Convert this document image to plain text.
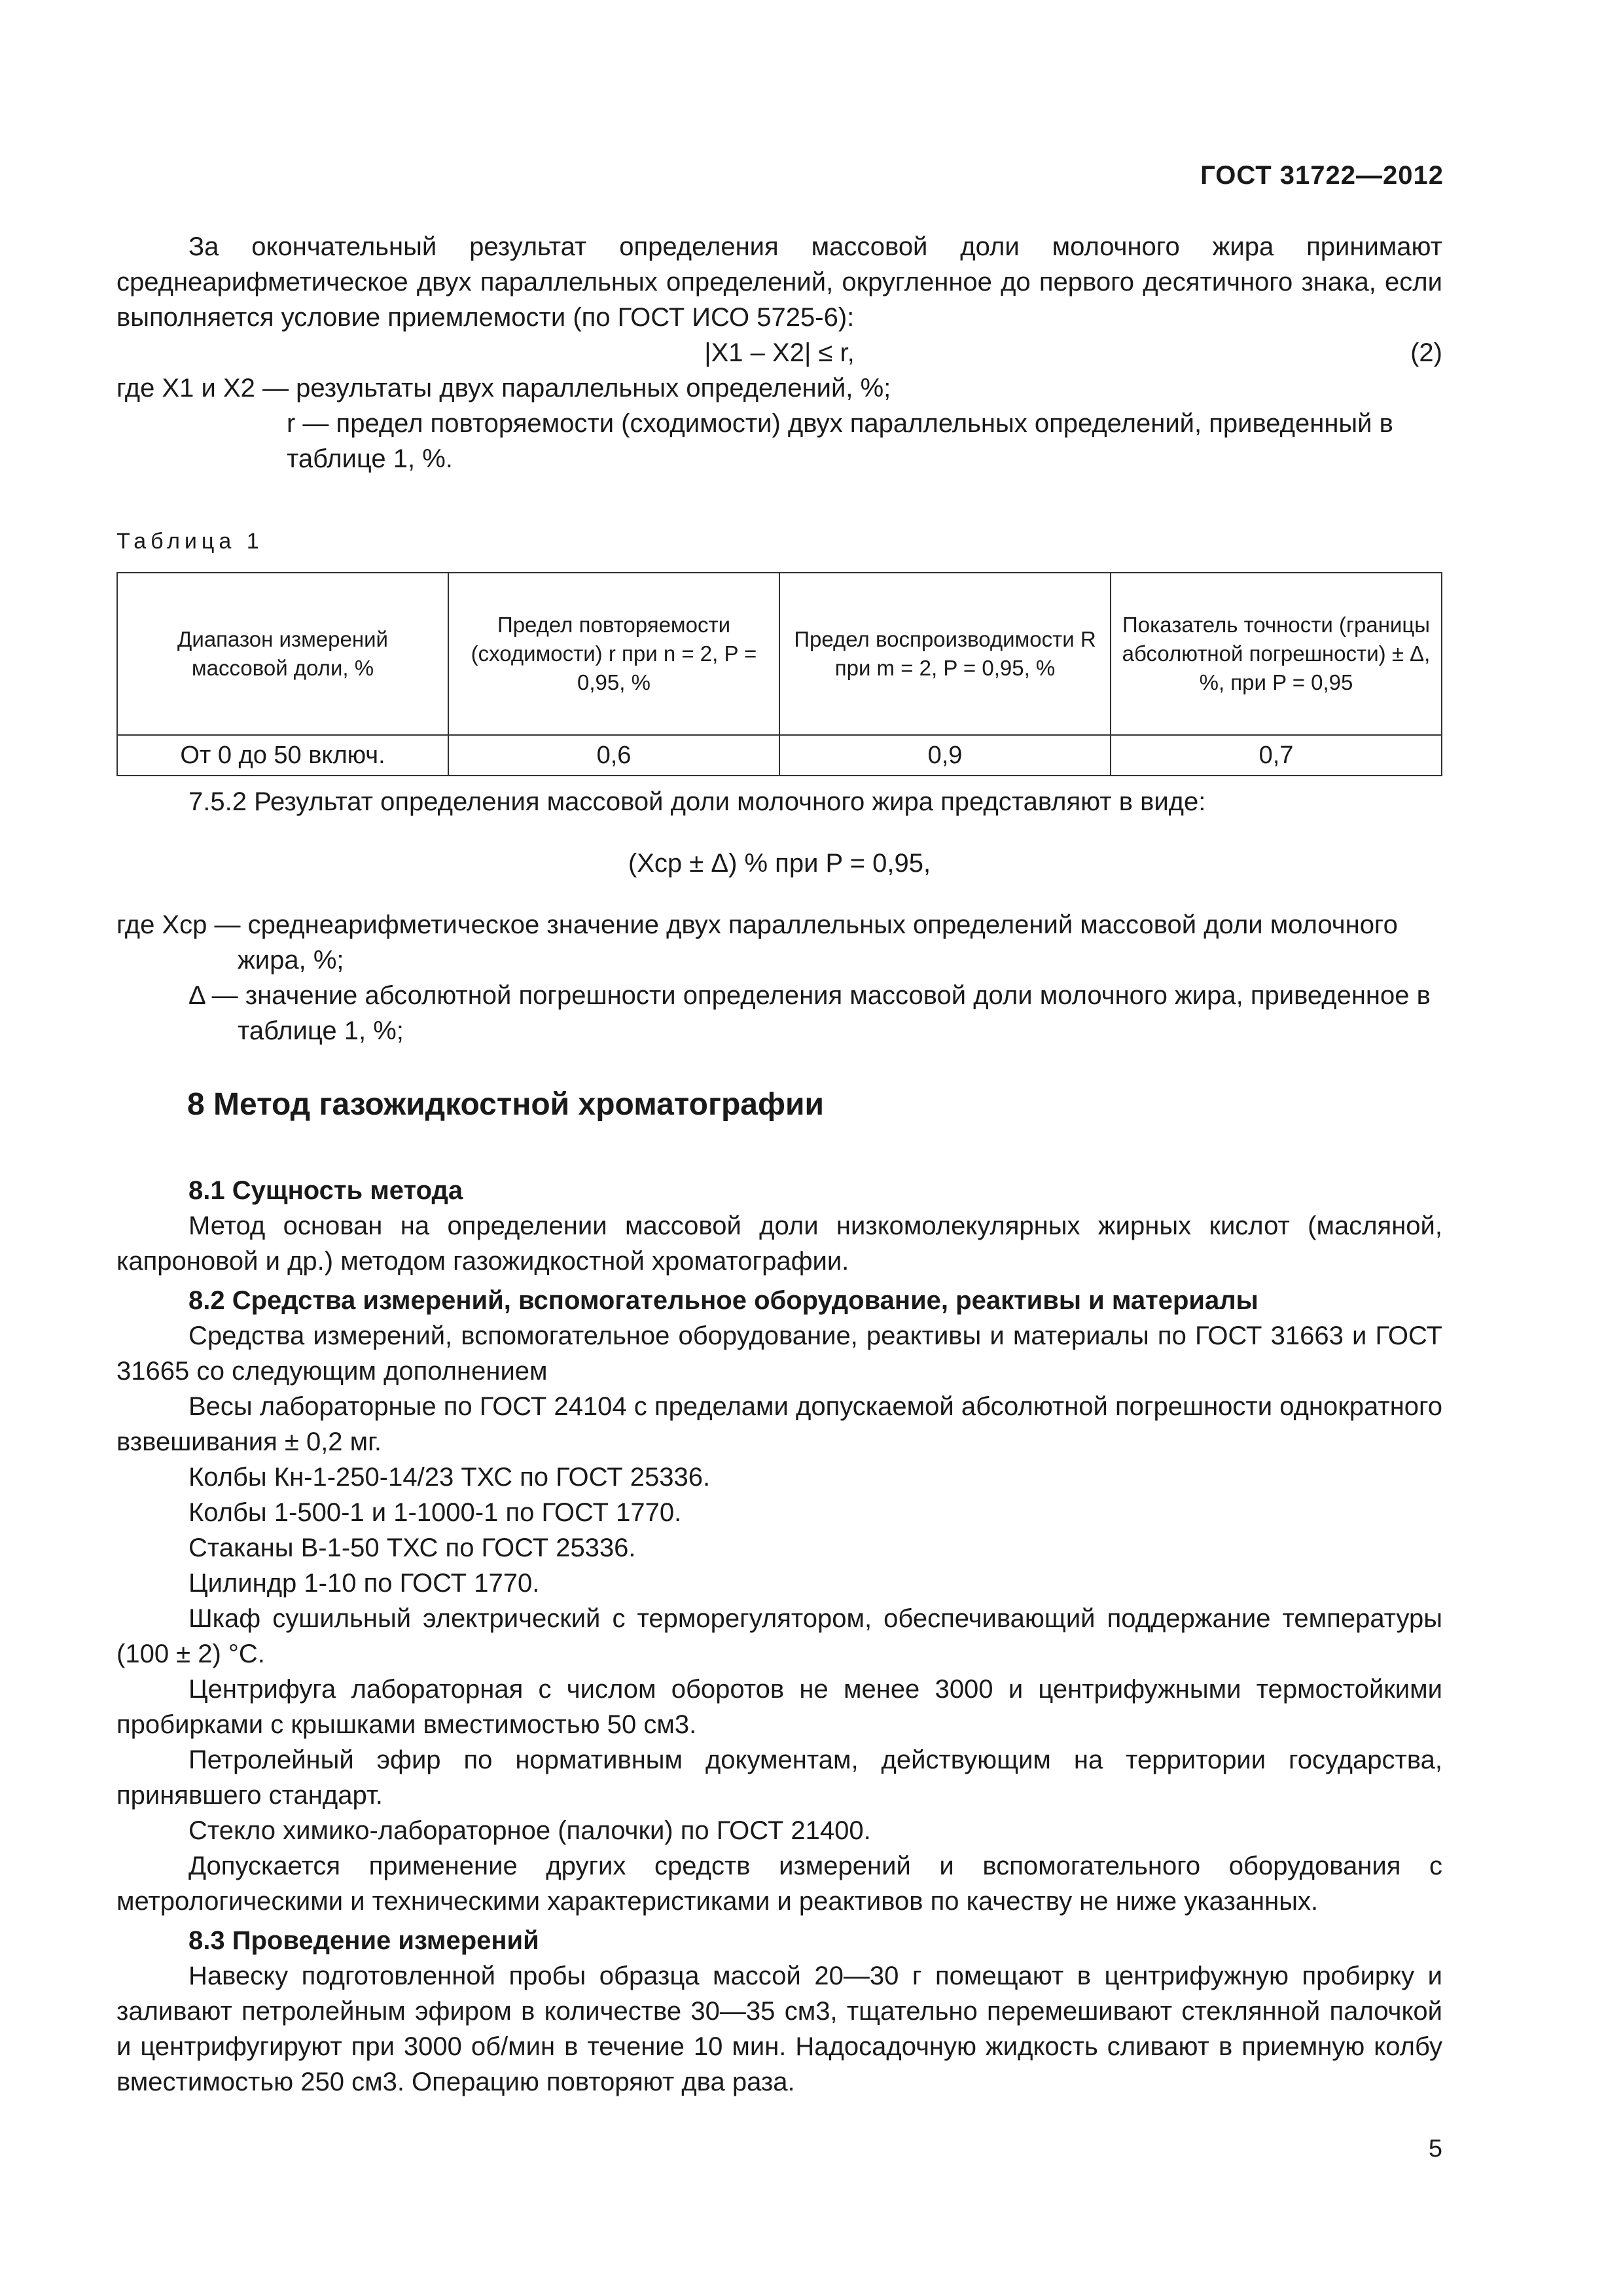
ГОСТ 31722—2012

За окончательный результат определения массовой доли молочного жира принимают среднеарифметическое двух параллельных определений, округленное до первого десятичного знака, если выполняется условие приемлемости (по ГОСТ ИСО 5725-6):

|X1 – X2| ≤ r,	(2)

где X1 и X2 — результаты двух параллельных определений, %;

r — предел повторяемости (сходимости) двух параллельных определений, приведенный в таблице 1, %.

Таблица 1
Диапазон измерений массовой доли, %	Предел повторяемости (сходимости) r при n = 2, P = 0,95, %	Предел воспроизводимости R при m = 2, P = 0,95, %	Показатель точности (границы абсолютной погрешности) ± Δ, %, при P = 0,95
От 0 до 50 включ.	0,6	0,9	0,7

7.5.2 Результат определения массовой доли молочного жира представляют в виде:

(Xср ± Δ) % при P = 0,95,

где Xср — среднеарифметическое значение двух параллельных определений массовой доли молочного жира, %;

Δ — значение абсолютной погрешности определения массовой доли молочного жира, приведенное в таблице 1, %;

8 Метод газожидкостной хроматографии

8.1 Сущность метода

Метод основан на определении массовой доли низкомолекулярных жирных кислот (масляной, капроновой и др.) методом газожидкостной хроматографии.

8.2 Средства измерений, вспомогательное оборудование, реактивы и материалы

Средства измерений, вспомогательное оборудование, реактивы и материалы по ГОСТ 31663 и ГОСТ 31665 со следующим дополнением

Весы лабораторные по ГОСТ 24104 с пределами допускаемой абсолютной погрешности однократного взвешивания ± 0,2 мг.

Колбы Кн-1-250-14/23 ТХС по ГОСТ 25336.

Колбы 1-500-1 и 1-1000-1 по ГОСТ 1770.

Стаканы В-1-50 ТХС по ГОСТ 25336.

Цилиндр 1-10 по ГОСТ 1770.

Шкаф сушильный электрический с терморегулятором, обеспечивающий поддержание температуры (100 ± 2) °С.

Центрифуга лабораторная с числом оборотов не менее 3000 и центрифужными термостойкими пробирками с крышками вместимостью 50 см3.

Петролейный эфир по нормативным документам, действующим на территории государства, принявшего стандарт.

Стекло химико-лабораторное (палочки) по ГОСТ 21400.

Допускается применение других средств измерений и вспомогательного оборудования с метрологическими и техническими характеристиками и реактивов по качеству не ниже указанных.

8.3 Проведение измерений

Навеску подготовленной пробы образца массой 20—30 г помещают в центрифужную пробирку и заливают петролейным эфиром в количестве 30—35 см3, тщательно перемешивают стеклянной палочкой и центрифугируют при 3000 об/мин в течение 10 мин. Надосадочную жидкость сливают в приемную колбу вместимостью 250 см3. Операцию повторяют два раза.

5
